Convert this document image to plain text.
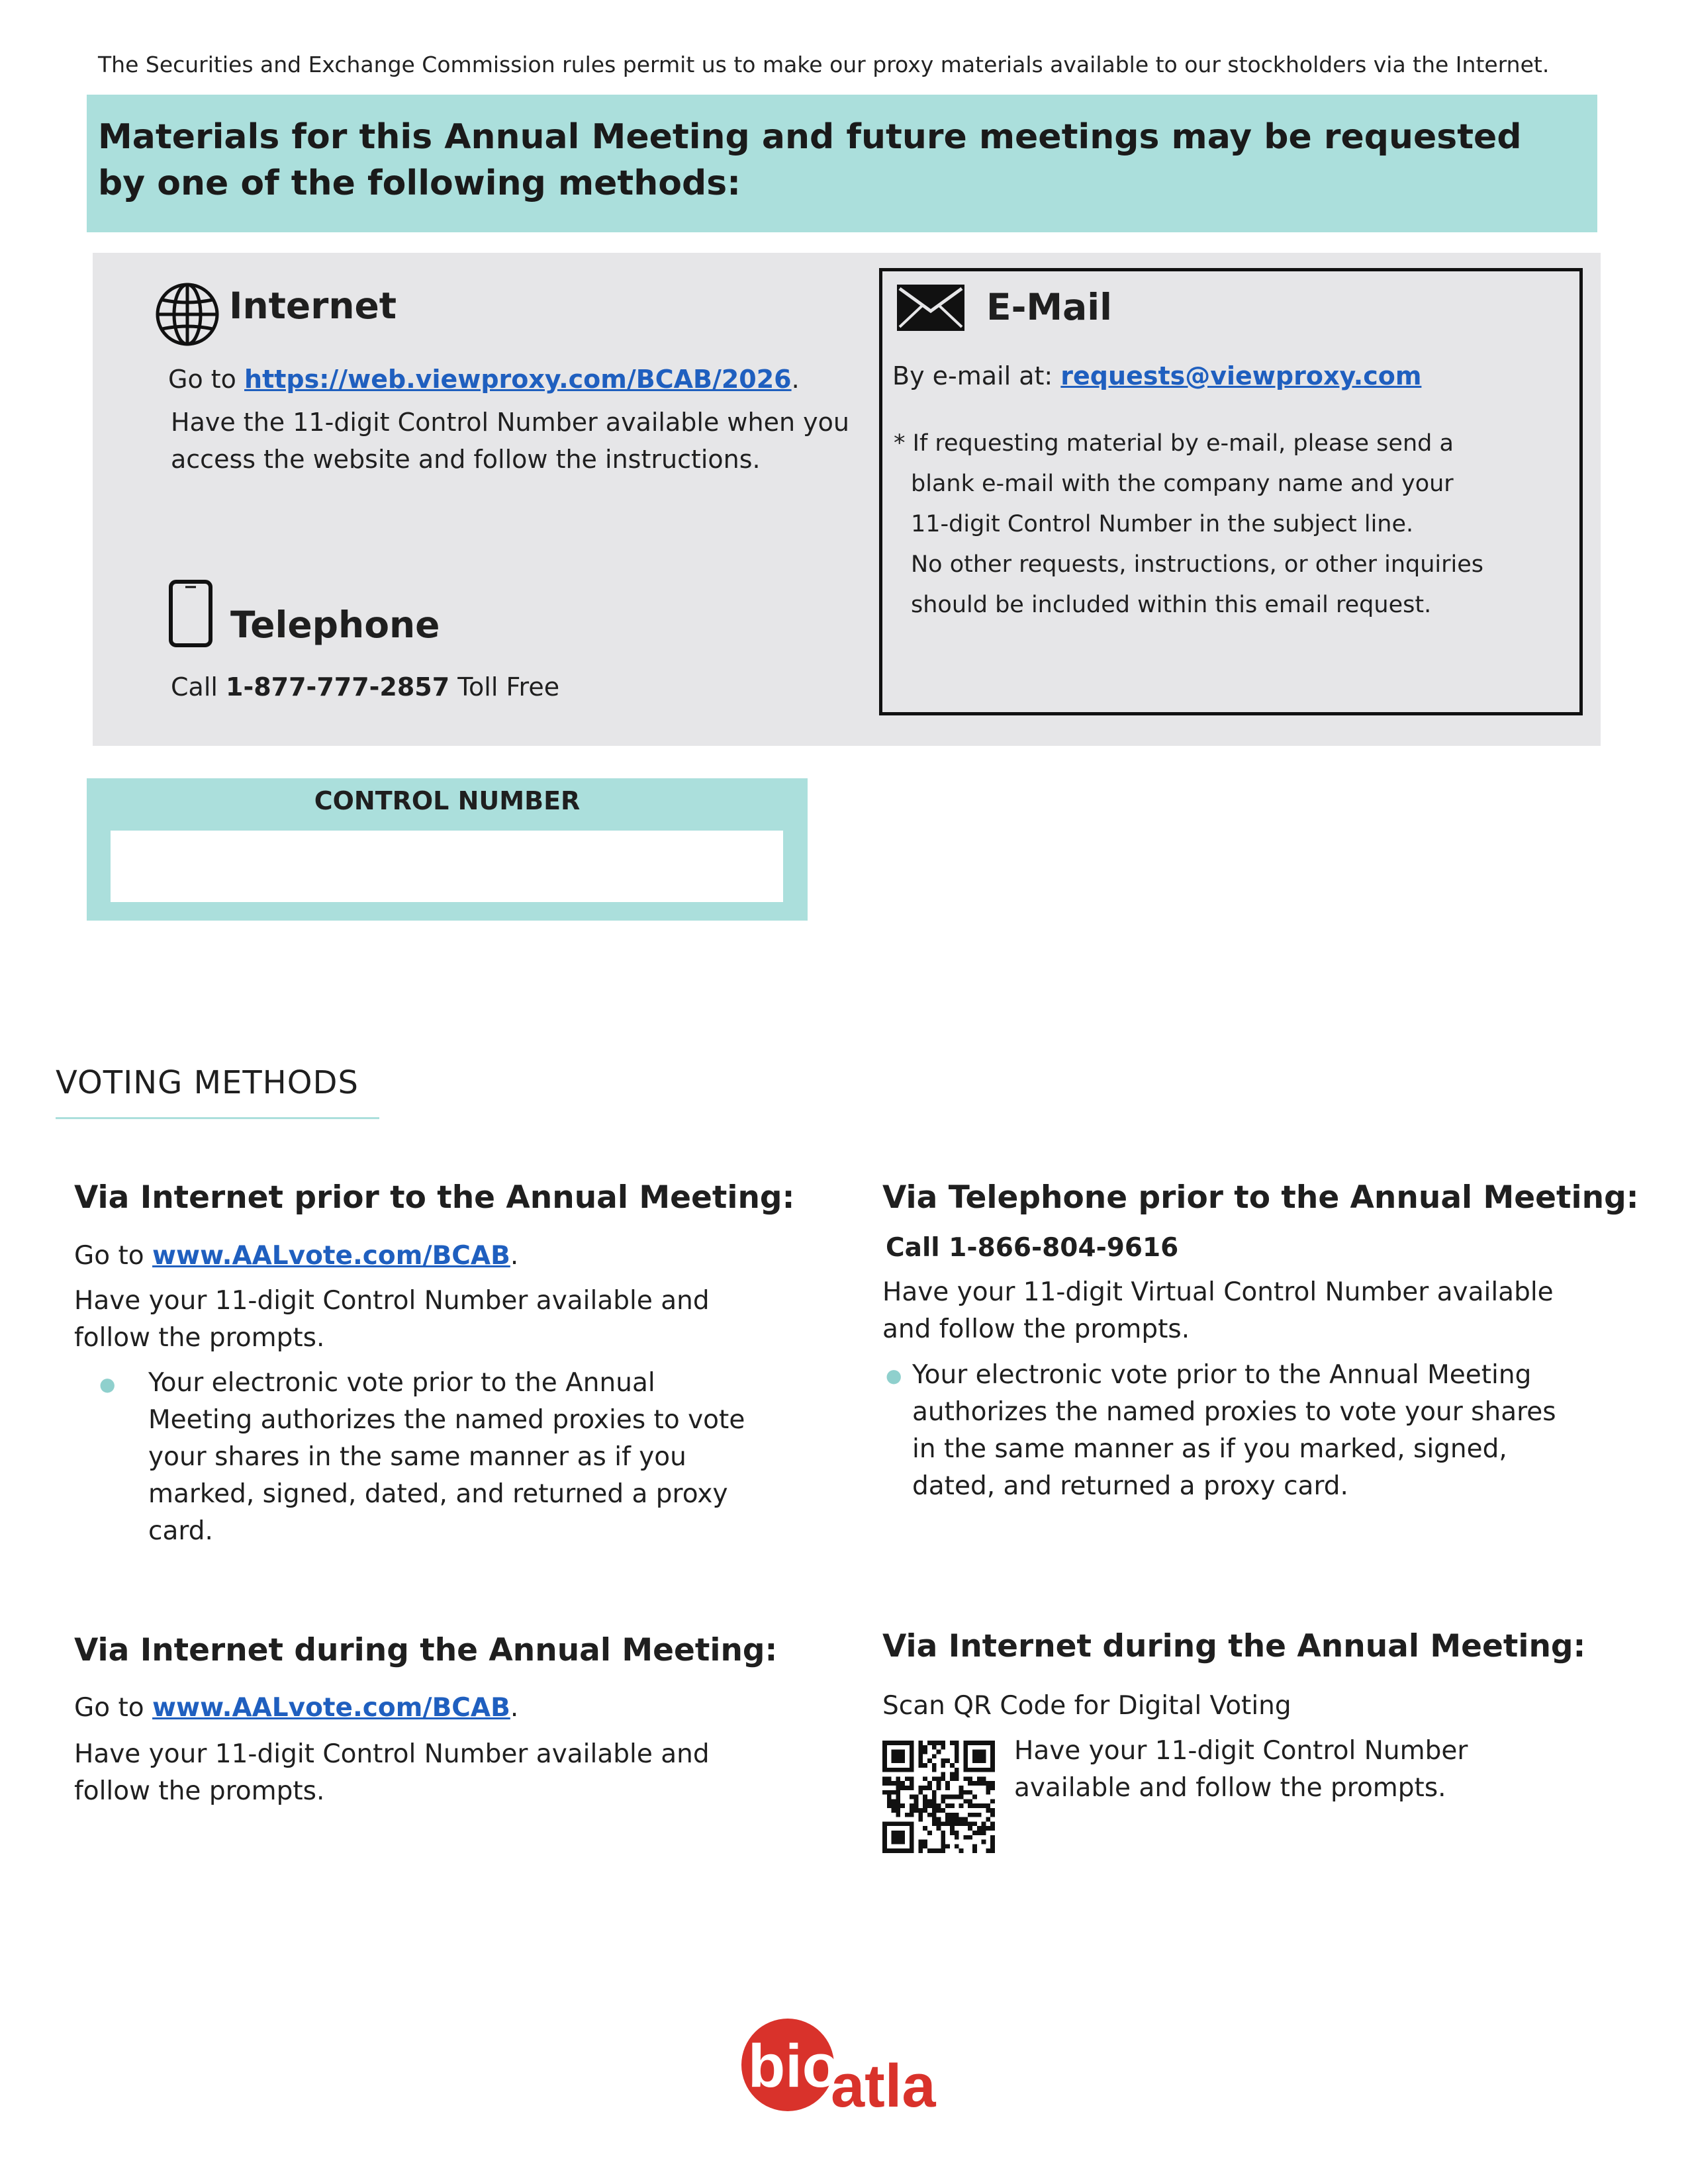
The Securities and Exchange Commission rules permit us to make our proxy materials available to our stockholders via the Internet.
Materials for this Annual Meeting and future meetings may be requested by one of the following methods:
Internet
Go to https://web.viewproxy.com/BCAB/2026.
Have the 11-digit Control Number available when you
access the website and follow the instructions.
Telephone
Call 1-877-777-2857 Toll Free
E-Mail
By e-mail at: requests@viewproxy.com
* If requesting material by e-mail, please send a
blank e-mail with the company name and your
11-digit Control Number in the subject line.
No other requests, instructions, or other inquiries
should be included within this email request.
CONTROL NUMBER
VOTING METHODS
Via Internet prior to the Annual Meeting:
Go to www.AALvote.com/BCAB.
Have your 11-digit Control Number available and
follow the prompts.
● Your electronic vote prior to the Annual
Meeting authorizes the named proxies to vote
your shares in the same manner as if you
marked, signed, dated, and returned a proxy
card.
Via Telephone prior to the Annual Meeting:
Call 1-866-804-9616
Have your 11-digit Virtual Control Number available
and follow the prompts.
● Your electronic vote prior to the Annual Meeting
authorizes the named proxies to vote your shares
in the same manner as if you marked, signed,
dated, and returned a proxy card.
Via Internet during the Annual Meeting:
Go to www.AALvote.com/BCAB.
Have your 11-digit Control Number available and
follow the prompts.
Via Internet during the Annual Meeting:
Scan QR Code for Digital Voting
Have your 11-digit Control Number
available and follow the prompts.
bio
atla
